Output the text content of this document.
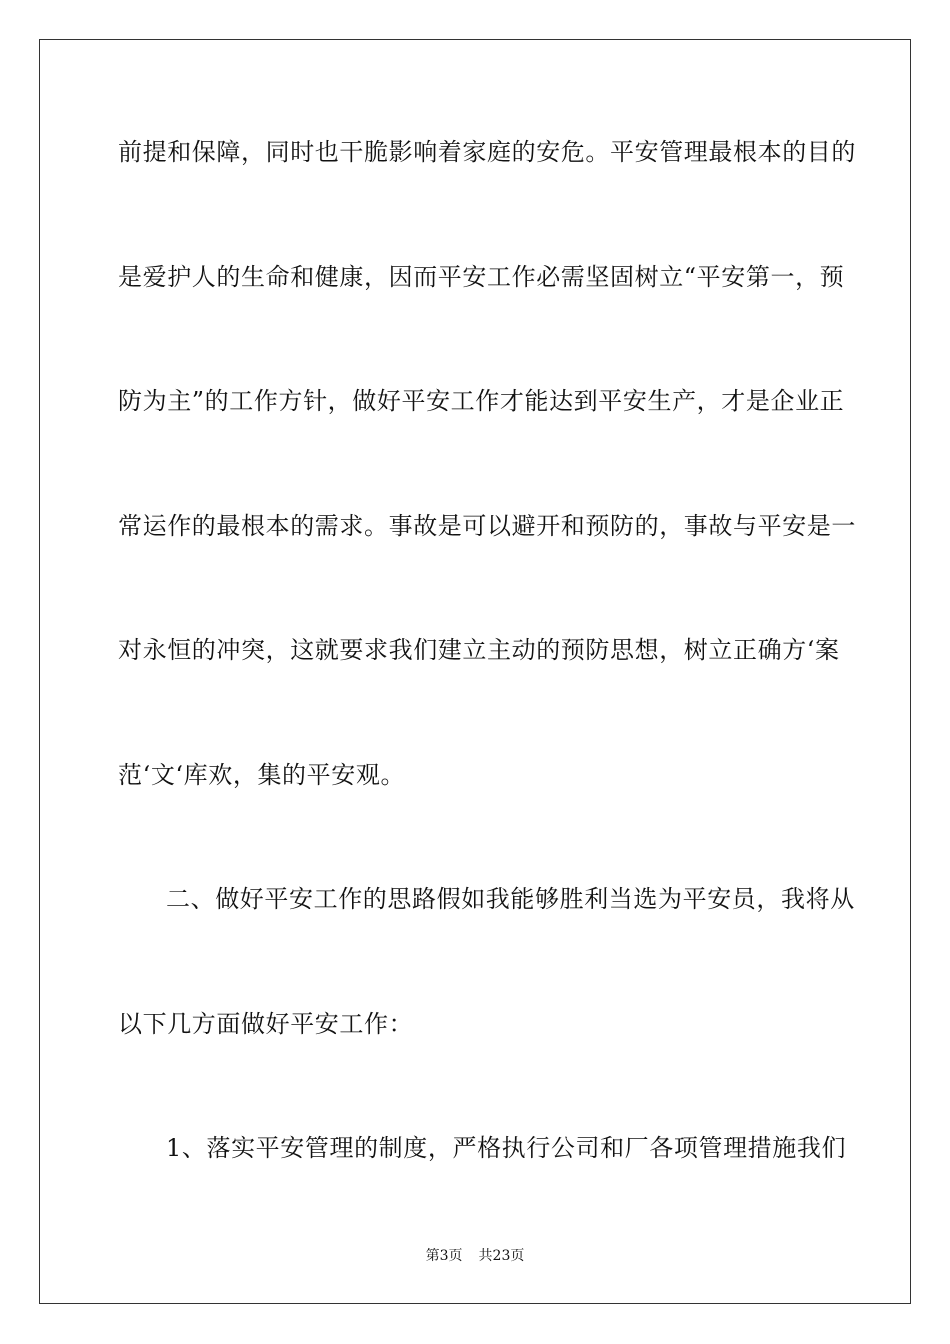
前提和保障，同时也干脆影响着家庭的安危。平安管理最根本的目的
是爱护人的生命和健康，因而平安工作必需坚固树立“平安第一，预
防为主”的工作方针，做好平安工作才能达到平安生产，才是企业正
常运作的最根本的需求。事故是可以避开和预防的，事故与平安是一
对永恒的冲突，这就要求我们建立主动的预防思想，树立正确方‘案
范‘文‘库欢，集的平安观。
二、做好平安工作的思路假如我能够胜利当选为平安员，我将从
以下几方面做好平安工作：
1、落实平安管理的制度，严格执行公司和厂各项管理措施我们
第3页 共23页
